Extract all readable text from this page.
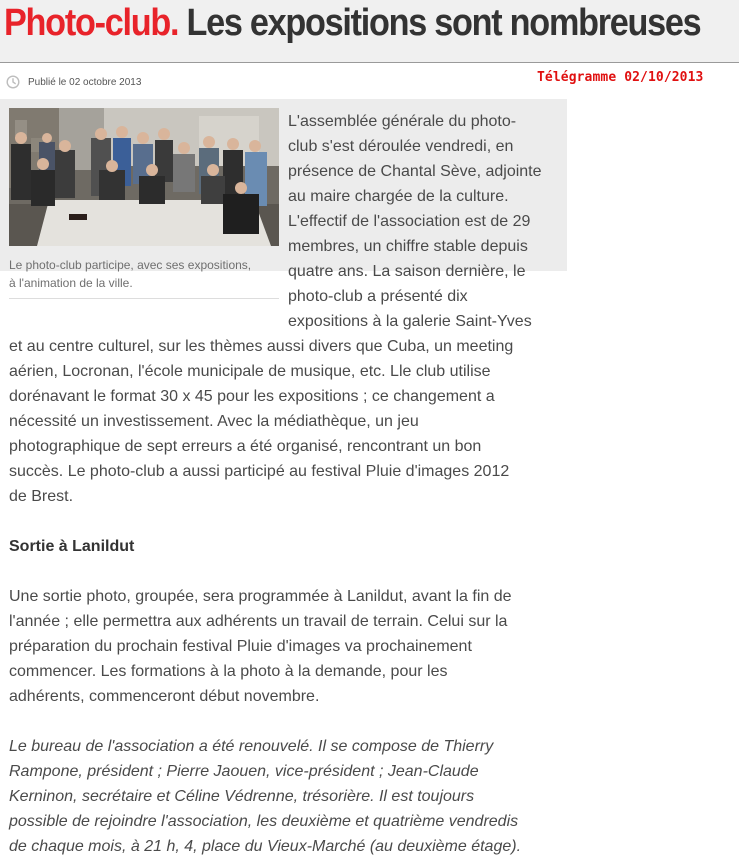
Photo-club. Les expositions sont nombreuses
Publié le 02 octobre 2013	Télégramme 02/10/2013

Le photo-club participe, avec ses expositions,
à l'animation de la ville.

L'assemblée générale du photo-
club s'est déroulée vendredi, en
présence de Chantal Sève, adjointe
au maire chargée de la culture.
L'effectif de l'association est de 29
membres, un chiffre stable depuis
quatre ans. La saison dernière, le
photo-club a présenté dix
expositions à la galerie Saint-Yves
et au centre culturel, sur les thèmes aussi divers que Cuba, un meeting
aérien, Locronan, l'école municipale de musique, etc. Lle club utilise
dorénavant le format 30 x 45 pour les expositions ; ce changement a
nécessité un investissement. Avec la médiathèque, un jeu
photographique de sept erreurs a été organisé, rencontrant un bon
succès. Le photo-club a aussi participé au festival Pluie d'images 2012
de Brest.
Sortie à Lanildut
Une sortie photo, groupée, sera programmée à Lanildut, avant la fin de
l'année ; elle permettra aux adhérents un travail de terrain. Celui sur la
préparation du prochain festival Pluie d'images va prochainement
commencer. Les formations à la photo à la demande, pour les
adhérents, commenceront début novembre.
Le bureau de l'association a été renouvelé. Il se compose de Thierry
Rampone, président ; Pierre Jaouen, vice-président ; Jean-Claude
Kerninon, secrétaire et Céline Védrenne, trésorière. Il est toujours
possible de rejoindre l'association, les deuxième et quatrième vendredis
de chaque mois, à 21 h, 4, place du Vieux-Marché (au deuxième étage).
